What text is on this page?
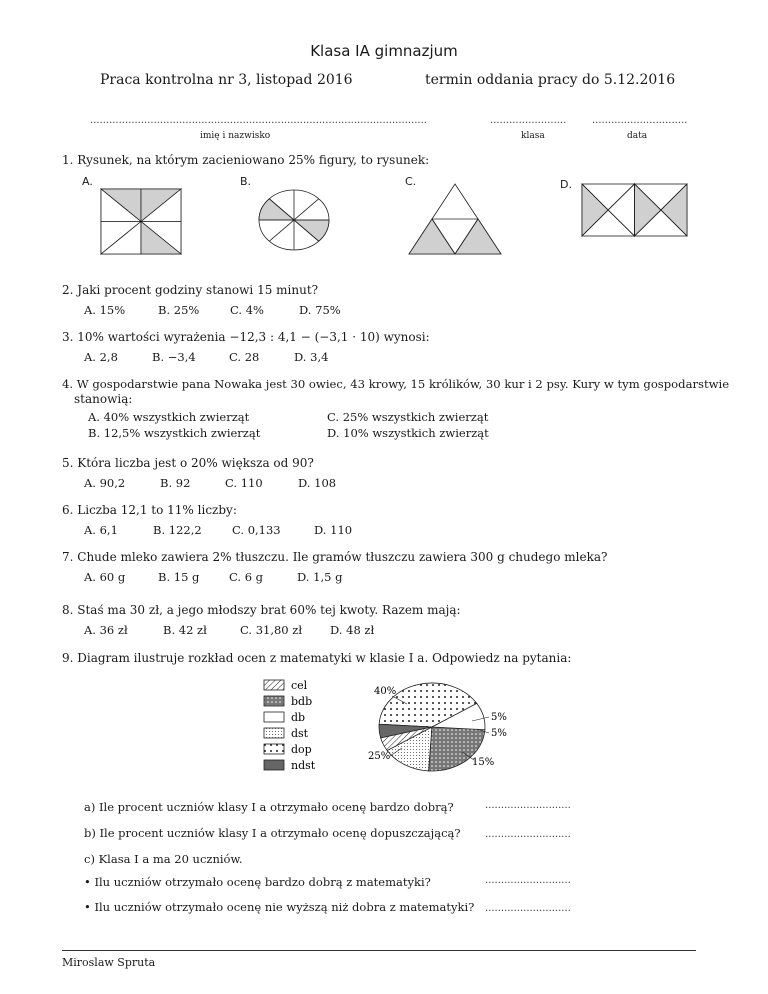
Klasa IA gimnazjum
Praca kontrolna nr 3, listopad 2016	termin oddania pracy do 5.12.2016
..........................................................................................................	........................	..............................
imię i nazwisko	klasa	data
1. Rysunek, na którym zacieniowano 25% figury, to rysunek:
A.	B.	C.	D.
2. Jaki procent godziny stanowi 15 minut?
A. 15%	B. 25%	C. 4%	D. 75%
3. 10% wartości wyrażenia −12,3 : 4,1 − (−3,1 · 10) wynosi:
A. 2,8	B. −3,4	C. 28	D. 3,4
4. W gospodarstwie pana Nowaka jest 30 owiec, 43 krowy, 15 królików, 30 kur i 2 psy. Kury w tym gospodarstwie
stanowią:
A. 40% wszystkich zwierząt
B. 12,5% wszystkich zwierząt
C. 25% wszystkich zwierząt
D. 10% wszystkich zwierząt
5. Która liczba jest o 20% większa od 90?
A. 90,2	B. 92	C. 110	D. 108
6. Liczba 12,1 to 11% liczby:
A. 6,1	B. 122,2	C. 0,133	D. 110
7. Chude mleko zawiera 2% tłuszczu. Ile gramów tłuszczu zawiera 300 g chudego mleka?
A. 60 g	B. 15 g	C. 6 g	D. 1,5 g
8. Staś ma 30 zł, a jego młodszy brat 60% tej kwoty. Razem mają:
A. 36 zł	B. 42 zł	C. 31,80 zł D. 48 zł
9. Diagram ilustruje rozkład ocen z matematyki w klasie I a. Odpowiedz na pytania:
cel
bdb
db
dst
dop
ndst
40%
5%
5%
15%
25%
a) Ile procent uczniów klasy I a otrzymało ocenę bardzo dobrą?	...........................
b) Ile procent uczniów klasy I a otrzymało ocenę dopuszczającą? ...........................
c) Klasa I a ma 20 uczniów.
• Ilu uczniów otrzymało ocenę bardzo dobrą z matematyki?	...........................
• Ilu uczniów otrzymało ocenę nie wyższą niż dobra z matematyki? ...........................
Miroslaw Spruta
